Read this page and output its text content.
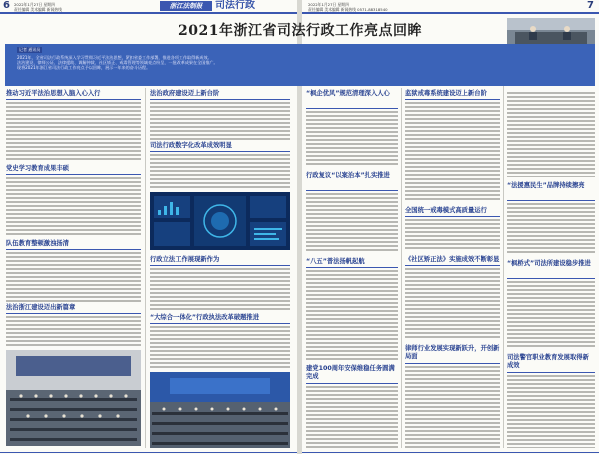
6 2022年1月27日 星期四
责任编辑 美术编辑 新闻热线	浙江法制报	司法行政
推动习近平法治思想入脑入心入行
党史学习教育成果丰硕
队伍教育整顿激浊扬清
法治浙江建设迈出新篇章
法治政府建设迈上新台阶
司法行政数字化改革成效明显
行政立法工作展现新作为
“大综合一体化”行政执法改革破题推进
2022年1月27日 星期四
责任编辑 美术编辑 新闻热线 0571-88318540	7
“枫企优风”规范清理深入人心
行政复议“以案治本”扎实推进
“八五”普法扬帆起航
建党100周年安保维稳任务圆满完成
监狱戒毒系统建设迈上新台阶
全国统一戒毒模式高质量运行
《社区矫正法》实施成效不断彰显
律师行业发展实现新跃升，开创新局面
“法援惠民生”品牌持续擦亮
“枫桥式”司法所建设稳步推进
司法警官职业教育发展取得新成效
2021年浙江省司法行政工作亮点回眸
记者 通讯员
2021年，全省司法行政系统深入学习贯彻习近平法治思想，紧扣省委工作部署，推进各项工作取得新成效。
法治建设、律师公证、法律援助、调解仲裁、社区矫正、戒毒管理等领域亮点纷呈，一批改革成果在全国推广。
现将2021年浙江省司法行政工作亮点予以回眸，展示一年来的奋斗历程。
